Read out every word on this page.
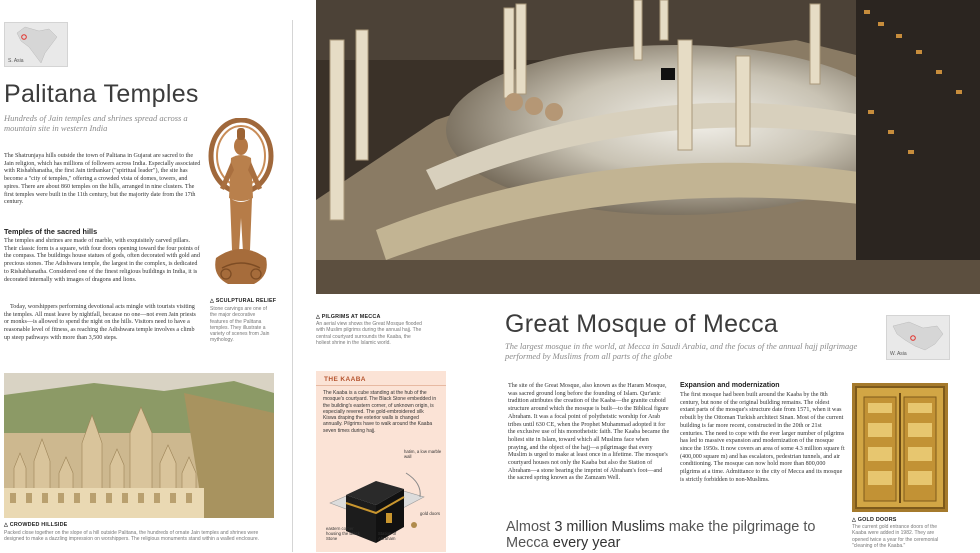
S. Asia
Palitana Temples
Hundreds of Jain temples and shrines spread across a mountain site in western India

The Shatrunjaya hills outside the town of Palitana in Gujarat are sacred to the Jain religion, which has millions of followers across India. Especially associated with Rishabhanatha, the first Jain tirthankar ("spiritual leader"), the site has become a "city of temples," offering a crowded vista of domes, towers, and spires. There are about 860 temples on the hills, arranged in nine clusters. The first temples were built in the 11th century, but the majority date from the 17th century.

Temples of the sacred hills

The temples and shrines are made of marble, with exquisitely carved pillars. Their classic form is a square, with four doors opening toward the four points of the compass. The buildings house statues of gods, often decorated with gold and precious stones. The Adishwara temple, the largest in the complex, is dedicated to Rishabhanatha. Considered one of the finest religious buildings in India, it is decorated internally with images of dragons and lions.

Today, worshippers performing devotional acts mingle with tourists visiting the temples. All must leave by nightfall, because no one—not even Jain priests or monks—is allowed to spend the night on the hills. Visitors need to have a reasonable level of fitness, as reaching the Adishwara temple involves a climb up steep pathways with more than 3,500 steps.

△ SCULPTURAL RELIEF

Stone carvings are one of the major decorative features of the Palitana temples. They illustrate a variety of scenes from Jain mythology.

△ CROWDED HILLSIDE

Packed close together on the slope of a hill outside Palitana, the hundreds of ornate Jain temples and shrines were designed to make a dazzling impression on worshippers. The religious monuments stand within a walled enclosure.

△ PILGRIMS AT MECCA

An aerial view shows the Great Mosque flooded with Muslim pilgrims during the annual hajj. The central courtyard surrounds the Kaaba, the holiest shrine in the Islamic world.

THE KAABA

The Kaaba is a cube standing at the hub of the mosque's courtyard. The Black Stone embedded in the building's eastern corner, of unknown origin, is especially revered. The gold-embroidered silk Kiswa draping the exterior walls is changed annually. Pilgrims have to walk around the Kaaba seven times during hajj.

hatim, a low marble wall
gold doors
eastern corner housing the Black Stone
Station of Abraham
Great Mosque of Mecca
The largest mosque in the world, at Mecca in Saudi Arabia, and the focus of the annual hajj pilgrimage performed by Muslims from all parts of the globe	W. Asia

The site of the Great Mosque, also known as the Haram Mosque, was sacred ground long before the founding of Islam. Qur'anic tradition attributes the creation of the Kaaba—the granite cuboid structure around which the mosque is built—to the Biblical figure Abraham. It was a focal point of polytheistic worship for Arab tribes until 630 CE, when the Prophet Muhammad adopted it for the exclusive use of his monotheistic faith. The Kaaba became the holiest site in Islam, toward which all Muslims face when praying, and the object of the hajj—a pilgrimage that every Muslim is urged to make at least once in a lifetime. The mosque's courtyard houses not only the Kaaba but also the Station of Abraham—a stone bearing the imprint of Abraham's foot—and the sacred spring known as the Zamzam Well.

Expansion and modernization

The first mosque had been built around the Kaaba by the 8th century, but none of the original building remains. The oldest extant parts of the mosque's structure date from 1571, when it was rebuilt by the Ottoman Turkish architect Sinan. Most of the current building is far more recent, constructed in the 20th or 21st centuries. The need to cope with the ever larger number of pilgrims has led to massive expansion and modernization of the mosque since the 1950s. It now covers an area of some 4.3 million square ft (400,000 square m) and has escalators, pedestrian tunnels, and air conditioning. The mosque can now hold more than 800,000 pilgrims at a time. Admittance to the city of Mecca and its mosque is strictly forbidden to non-Muslims.

Almost 3 million Muslims make the pilgrimage to Mecca every year
△ GOLD DOORS

The current gold entrance doors of the Kaaba were added in 1982. They are opened twice a year for the ceremonial "cleaning of the Kaaba."
